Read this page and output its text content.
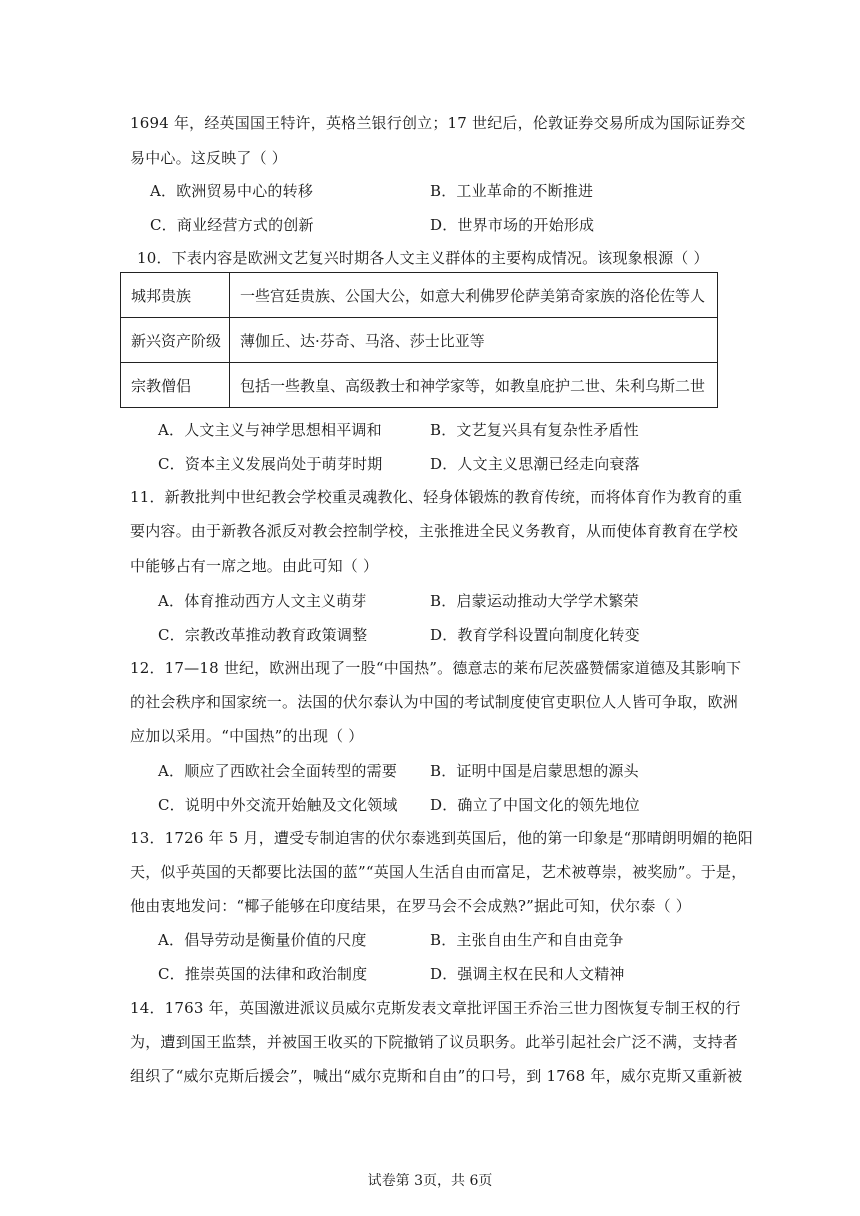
1694 年，经英国国王特许，英格兰银行创立；17 世纪后，伦敦证券交易所成为国际证券交
易中心。这反映了（ ）
A．欧洲贸易中心的转移	B．工业革命的不断推进
C．商业经营方式的创新	D．世界市场的开始形成
10．下表内容是欧洲文艺复兴时期各人文主义群体的主要构成情况。该现象根源（ ）
城邦贵族	一些宫廷贵族、公国大公，如意大利佛罗伦萨美第奇家族的洛伦佐等人
新兴资产阶级	薄伽丘、达·芬奇、马洛、莎士比亚等
宗教僧侣	包括一些教皇、高级教士和神学家等，如教皇庇护二世、朱利乌斯二世
A．人文主义与神学思想相平调和	B．文艺复兴具有复杂性矛盾性
C．资本主义发展尚处于萌芽时期	D．人文主义思潮已经走向衰落
11．新教批判中世纪教会学校重灵魂教化、轻身体锻炼的教育传统，而将体育作为教育的重
要内容。由于新教各派反对教会控制学校，主张推进全民义务教育，从而使体育教育在学校
中能够占有一席之地。由此可知（ ）
A．体育推动西方人文主义萌芽	B．启蒙运动推动大学学术繁荣
C．宗教改革推动教育政策调整	D．教育学科设置向制度化转变
12．17—18 世纪，欧洲出现了一股“中国热”。德意志的莱布尼茨盛赞儒家道德及其影响下
的社会秩序和国家统一。法国的伏尔泰认为中国的考试制度使官吏职位人人皆可争取，欧洲
应加以采用。“中国热”的出现（ ）
A．顺应了西欧社会全面转型的需要 B．证明中国是启蒙思想的源头
C．说明中外交流开始触及文化领域 D．确立了中国文化的领先地位
13．1726 年 5 月，遭受专制迫害的伏尔泰逃到英国后，他的第一印象是“那晴朗明媚的艳阳
天，似乎英国的天都要比法国的蓝”“英国人生活自由而富足，艺术被尊崇，被奖励”。于是，
他由衷地发问：“椰子能够在印度结果，在罗马会不会成熟?”据此可知，伏尔泰（ ）
A．倡导劳动是衡量价值的尺度	B．主张自由生产和自由竞争
C．推崇英国的法律和政治制度	D．强调主权在民和人文精神
14．1763 年，英国激进派议员威尔克斯发表文章批评国王乔治三世力图恢复专制王权的行
为，遭到国王监禁，并被国王收买的下院撤销了议员职务。此举引起社会广泛不满，支持者
组织了“威尔克斯后援会”，喊出“威尔克斯和自由”的口号，到 1768 年，威尔克斯又重新被
试卷第 3页，共 6页
